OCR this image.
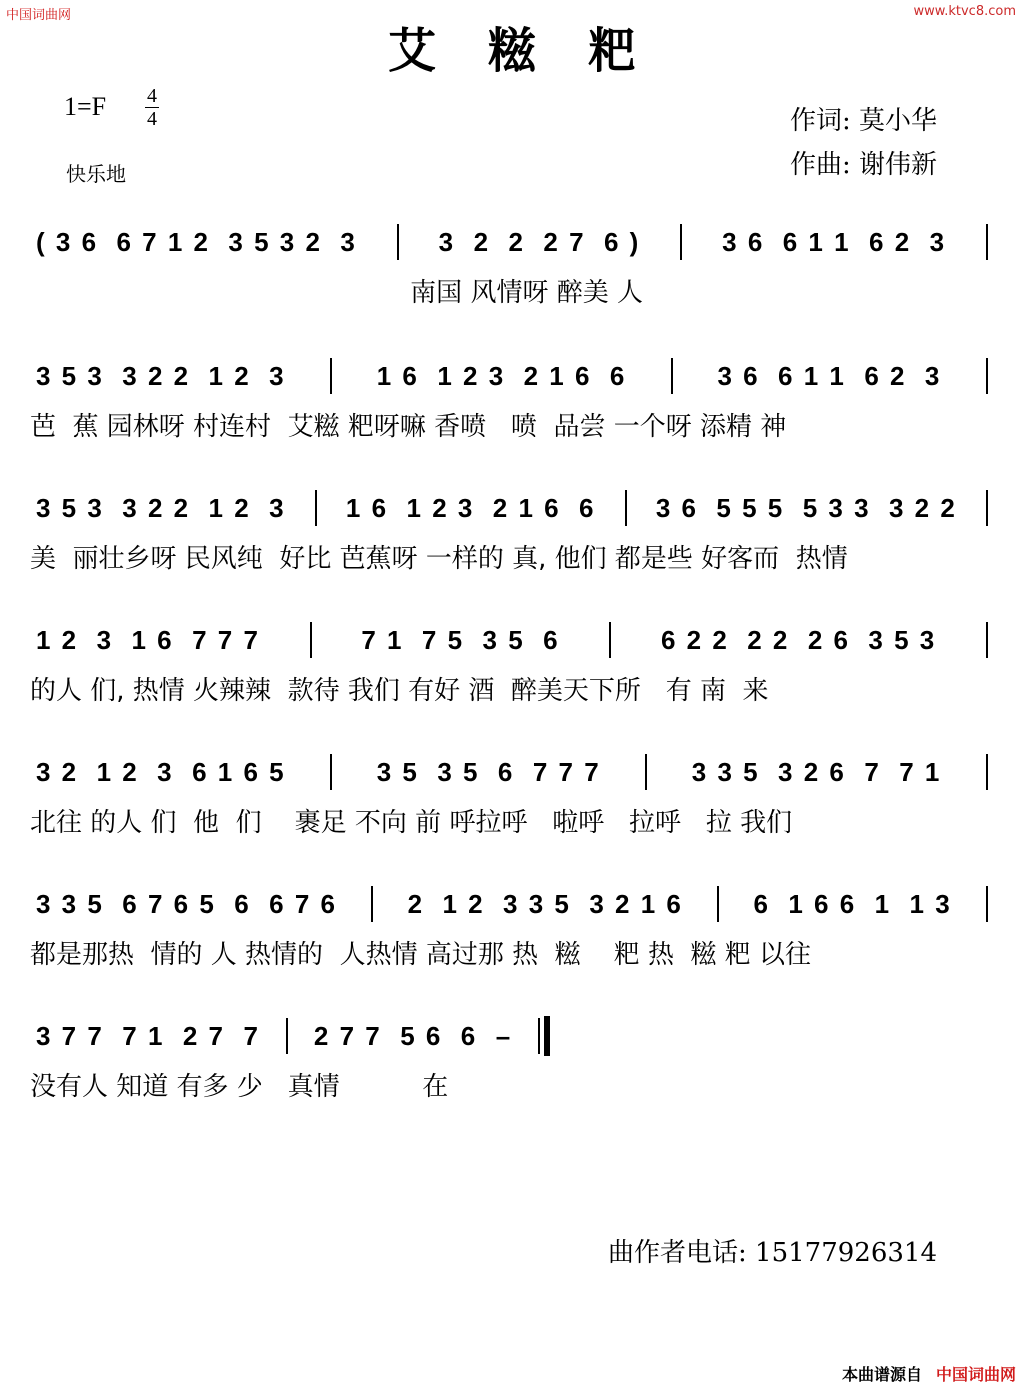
中国词曲网	www.ktvc8.com
艾糍粑
1=F 4
4
快乐地
作词: 莫小华
作曲: 谢伟新
( 3 6  6 7 1 2  3 5 3 2  3	3  2  2  2 7  6 )	3 6  6 1 1  6 2  3
南国 风情呀 醉美 人
3 5 3  3 2 2  1 2  3	1 6  1 2 3  2 1 6  6	3 6  6 1 1  6 2  3
芭  蕉 园林呀 村连村  艾糍 粑呀嘛 香喷   喷  品尝 一个呀 添精 神
3 5 3  3 2 2  1 2  3 1 6  1 2 3  2 1 6  6 3 6  5 5 5  5 3 3  3 2 2
美  丽壮乡呀 民风纯  好比 芭蕉呀 一样的 真, 他们 都是些 好客而  热情
1 2  3  1 6  7 7 7	7 1  7 5  3 5  6	6 2 2  2 2  2 6  3 5 3
的人 们, 热情 火辣辣  款待 我们 有好 酒  醉美天下所   有 南  来
3 2  1 2  3  6 1 6 5	3 5  3 5  6  7 7 7	3 3 5  3 2 6  7  7 1
北往 的人 们  他  们    裹足 不向 前 呼拉呼   啦呼   拉呼   拉 我们
3 3 5  6 7 6 5  6  6 7 6	2  1 2  3 3 5  3 2 1 6	6  1 6 6  1  1 3
都是那热  情的 人 热情的  人热情 高过那 热  糍    粑 热  糍 粑 以往
3 7 7  7 1  2 7  7 2 7 7  5 6  6  –
没有人 知道 有多 少   真情          在
曲作者电话: 15177926314
本曲谱源自 中国词曲网
